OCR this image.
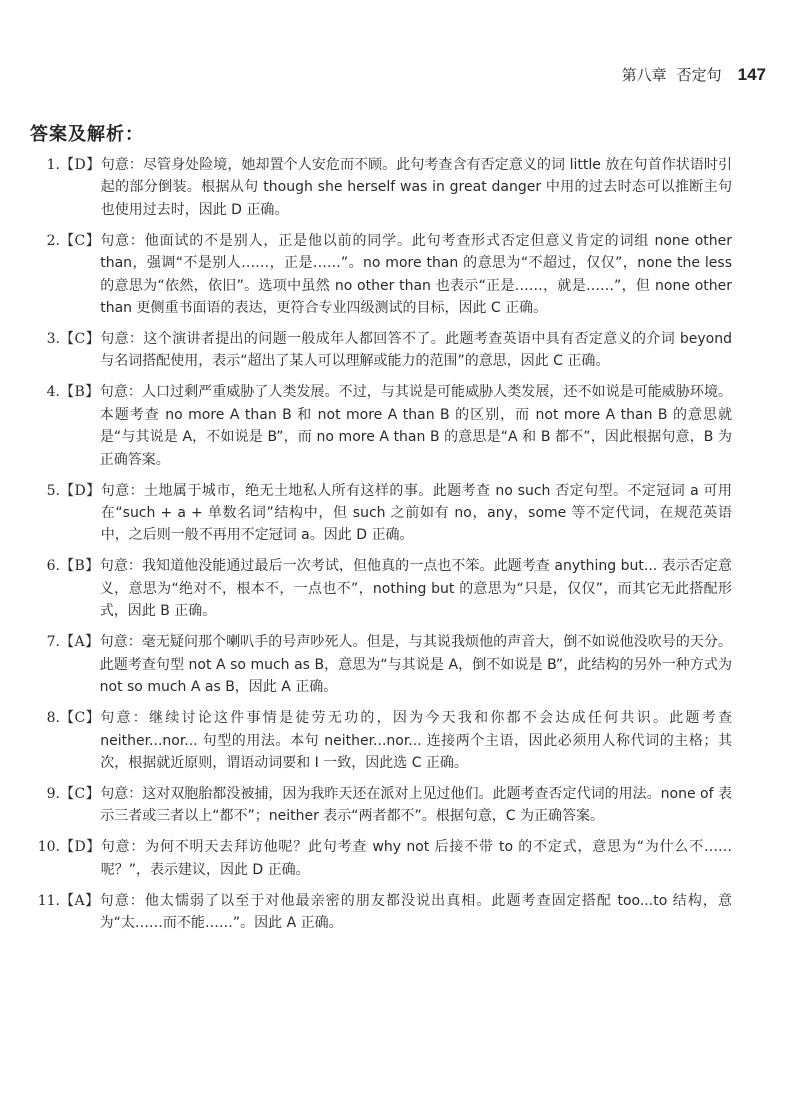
第八章 否定句 147
答案及解析：
1. 【D】 句意：尽管身处险境，她却置个人安危而不顾。此句考查含有否定意义的词 little 放在句首作状语时引起的部分倒装。根据从句 though she herself was in great danger 中用的过去时态可以推断主句也使用过去时，因此 D 正确。
2. 【C】 句意：他面试的不是别人，正是他以前的同学。此句考查形式否定但意义肯定的词组 none other than，强调“不是别人……，正是……”。no more than 的意思为“不超过，仅仅”，none the less 的意思为“依然，依旧”。选项中虽然 no other than 也表示“正是……，就是……”，但 none other than 更侧重书面语的表达，更符合专业四级测试的目标，因此 C 正确。
3. 【C】 句意：这个演讲者提出的问题一般成年人都回答不了。此题考查英语中具有否定意义的介词 beyond 与名词搭配使用，表示“超出了某人可以理解或能力的范围”的意思，因此 C 正确。
4. 【B】 句意：人口过剩严重威胁了人类发展。不过，与其说是可能威胁人类发展，还不如说是可能威胁环境。本题考查 no more A than B 和 not more A than B 的区别，而 not more A than B 的意思就是“与其说是 A，不如说是 B”，而 no more A than B 的意思是“A 和 B 都不”，因此根据句意，B 为正确答案。
5. 【D】 句意：土地属于城市，绝无土地私人所有这样的事。此题考查 no such 否定句型。不定冠词 a 可用在“such + a + 单数名词”结构中，但 such 之前如有 no，any，some 等不定代词，在规范英语中，之后则一般不再用不定冠词 a。因此 D 正确。
6. 【B】 句意：我知道他没能通过最后一次考试，但他真的一点也不笨。此题考查 anything but... 表示否定意义，意思为“绝对不，根本不，一点也不”，nothing but 的意思为“只是，仅仅”，而其它无此搭配形式，因此 B 正确。
7. 【A】 句意：毫无疑问那个喇叭手的号声吵死人。但是，与其说我烦他的声音大，倒不如说他没吹号的天分。此题考查句型 not A so much as B，意思为“与其说是 A，倒不如说是 B”，此结构的另外一种方式为 not so much A as B，因此 A 正确。
8. 【C】 句意：继续讨论这件事情是徒劳无功的，因为今天我和你都不会达成任何共识。此题考查 neither...nor... 句型的用法。本句 neither...nor... 连接两个主语，因此必须用人称代词的主格；其次，根据就近原则，谓语动词要和 I 一致，因此选 C 正确。
9. 【C】 句意：这对双胞胎都没被捕，因为我昨天还在派对上见过他们。此题考查否定代词的用法。none of 表示三者或三者以上“都不”；neither 表示“两者都不”。根据句意，C 为正确答案。
10. 【D】 句意：为何不明天去拜访他呢？此句考查 why not 后接不带 to 的不定式，意思为“为什么不……呢？”，表示建议，因此 D 正确。
11. 【A】 句意：他太懦弱了以至于对他最亲密的朋友都没说出真相。此题考查固定搭配 too...to 结构，意为“太……而不能……”。因此 A 正确。
